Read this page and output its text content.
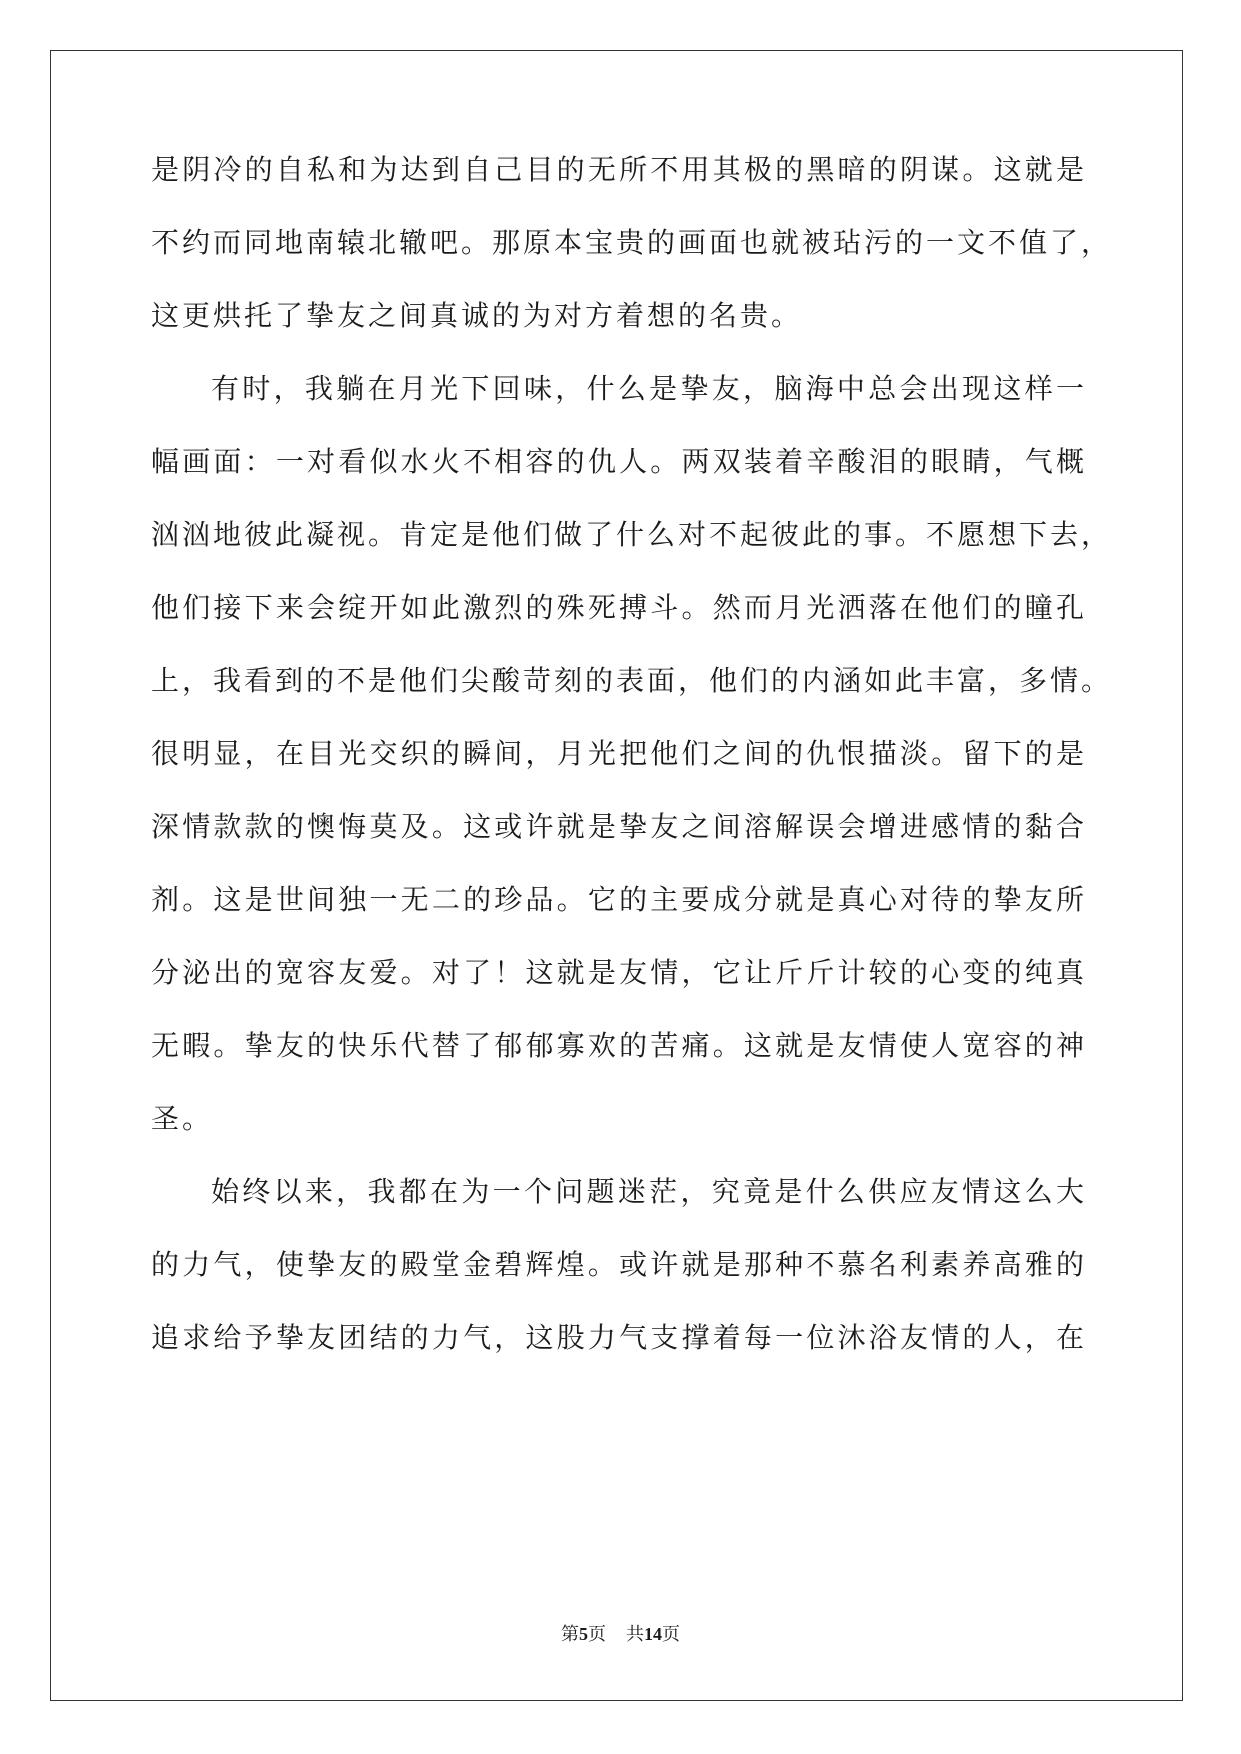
是阴冷的自私和为达到自己目的无所不用其极的黑暗的阴谋。这就是
不约而同地南辕北辙吧。那原本宝贵的画面也就被玷污的一文不值了，
这更烘托了挚友之间真诚的为对方着想的名贵。
有时，我躺在月光下回味，什么是挚友，脑海中总会出现这样一
幅画面：一对看似水火不相容的仇人。两双装着辛酸泪的眼睛，气概
汹汹地彼此凝视。肯定是他们做了什么对不起彼此的事。不愿想下去，
他们接下来会绽开如此激烈的殊死搏斗。然而月光洒落在他们的瞳孔
上，我看到的不是他们尖酸苛刻的表面，他们的内涵如此丰富，多情。
很明显，在目光交织的瞬间，月光把他们之间的仇恨描淡。留下的是
深情款款的懊悔莫及。这或许就是挚友之间溶解误会增进感情的黏合
剂。这是世间独一无二的珍品。它的主要成分就是真心对待的挚友所
分泌出的宽容友爱。对了！这就是友情，它让斤斤计较的心变的纯真
无暇。挚友的快乐代替了郁郁寡欢的苦痛。这就是友情使人宽容的神
圣。
始终以来，我都在为一个问题迷茫，究竟是什么供应友情这么大
的力气，使挚友的殿堂金碧辉煌。或许就是那种不慕名利素养高雅的
追求给予挚友团结的力气，这股力气支撑着每一位沐浴友情的人，在
第5页 共14页
